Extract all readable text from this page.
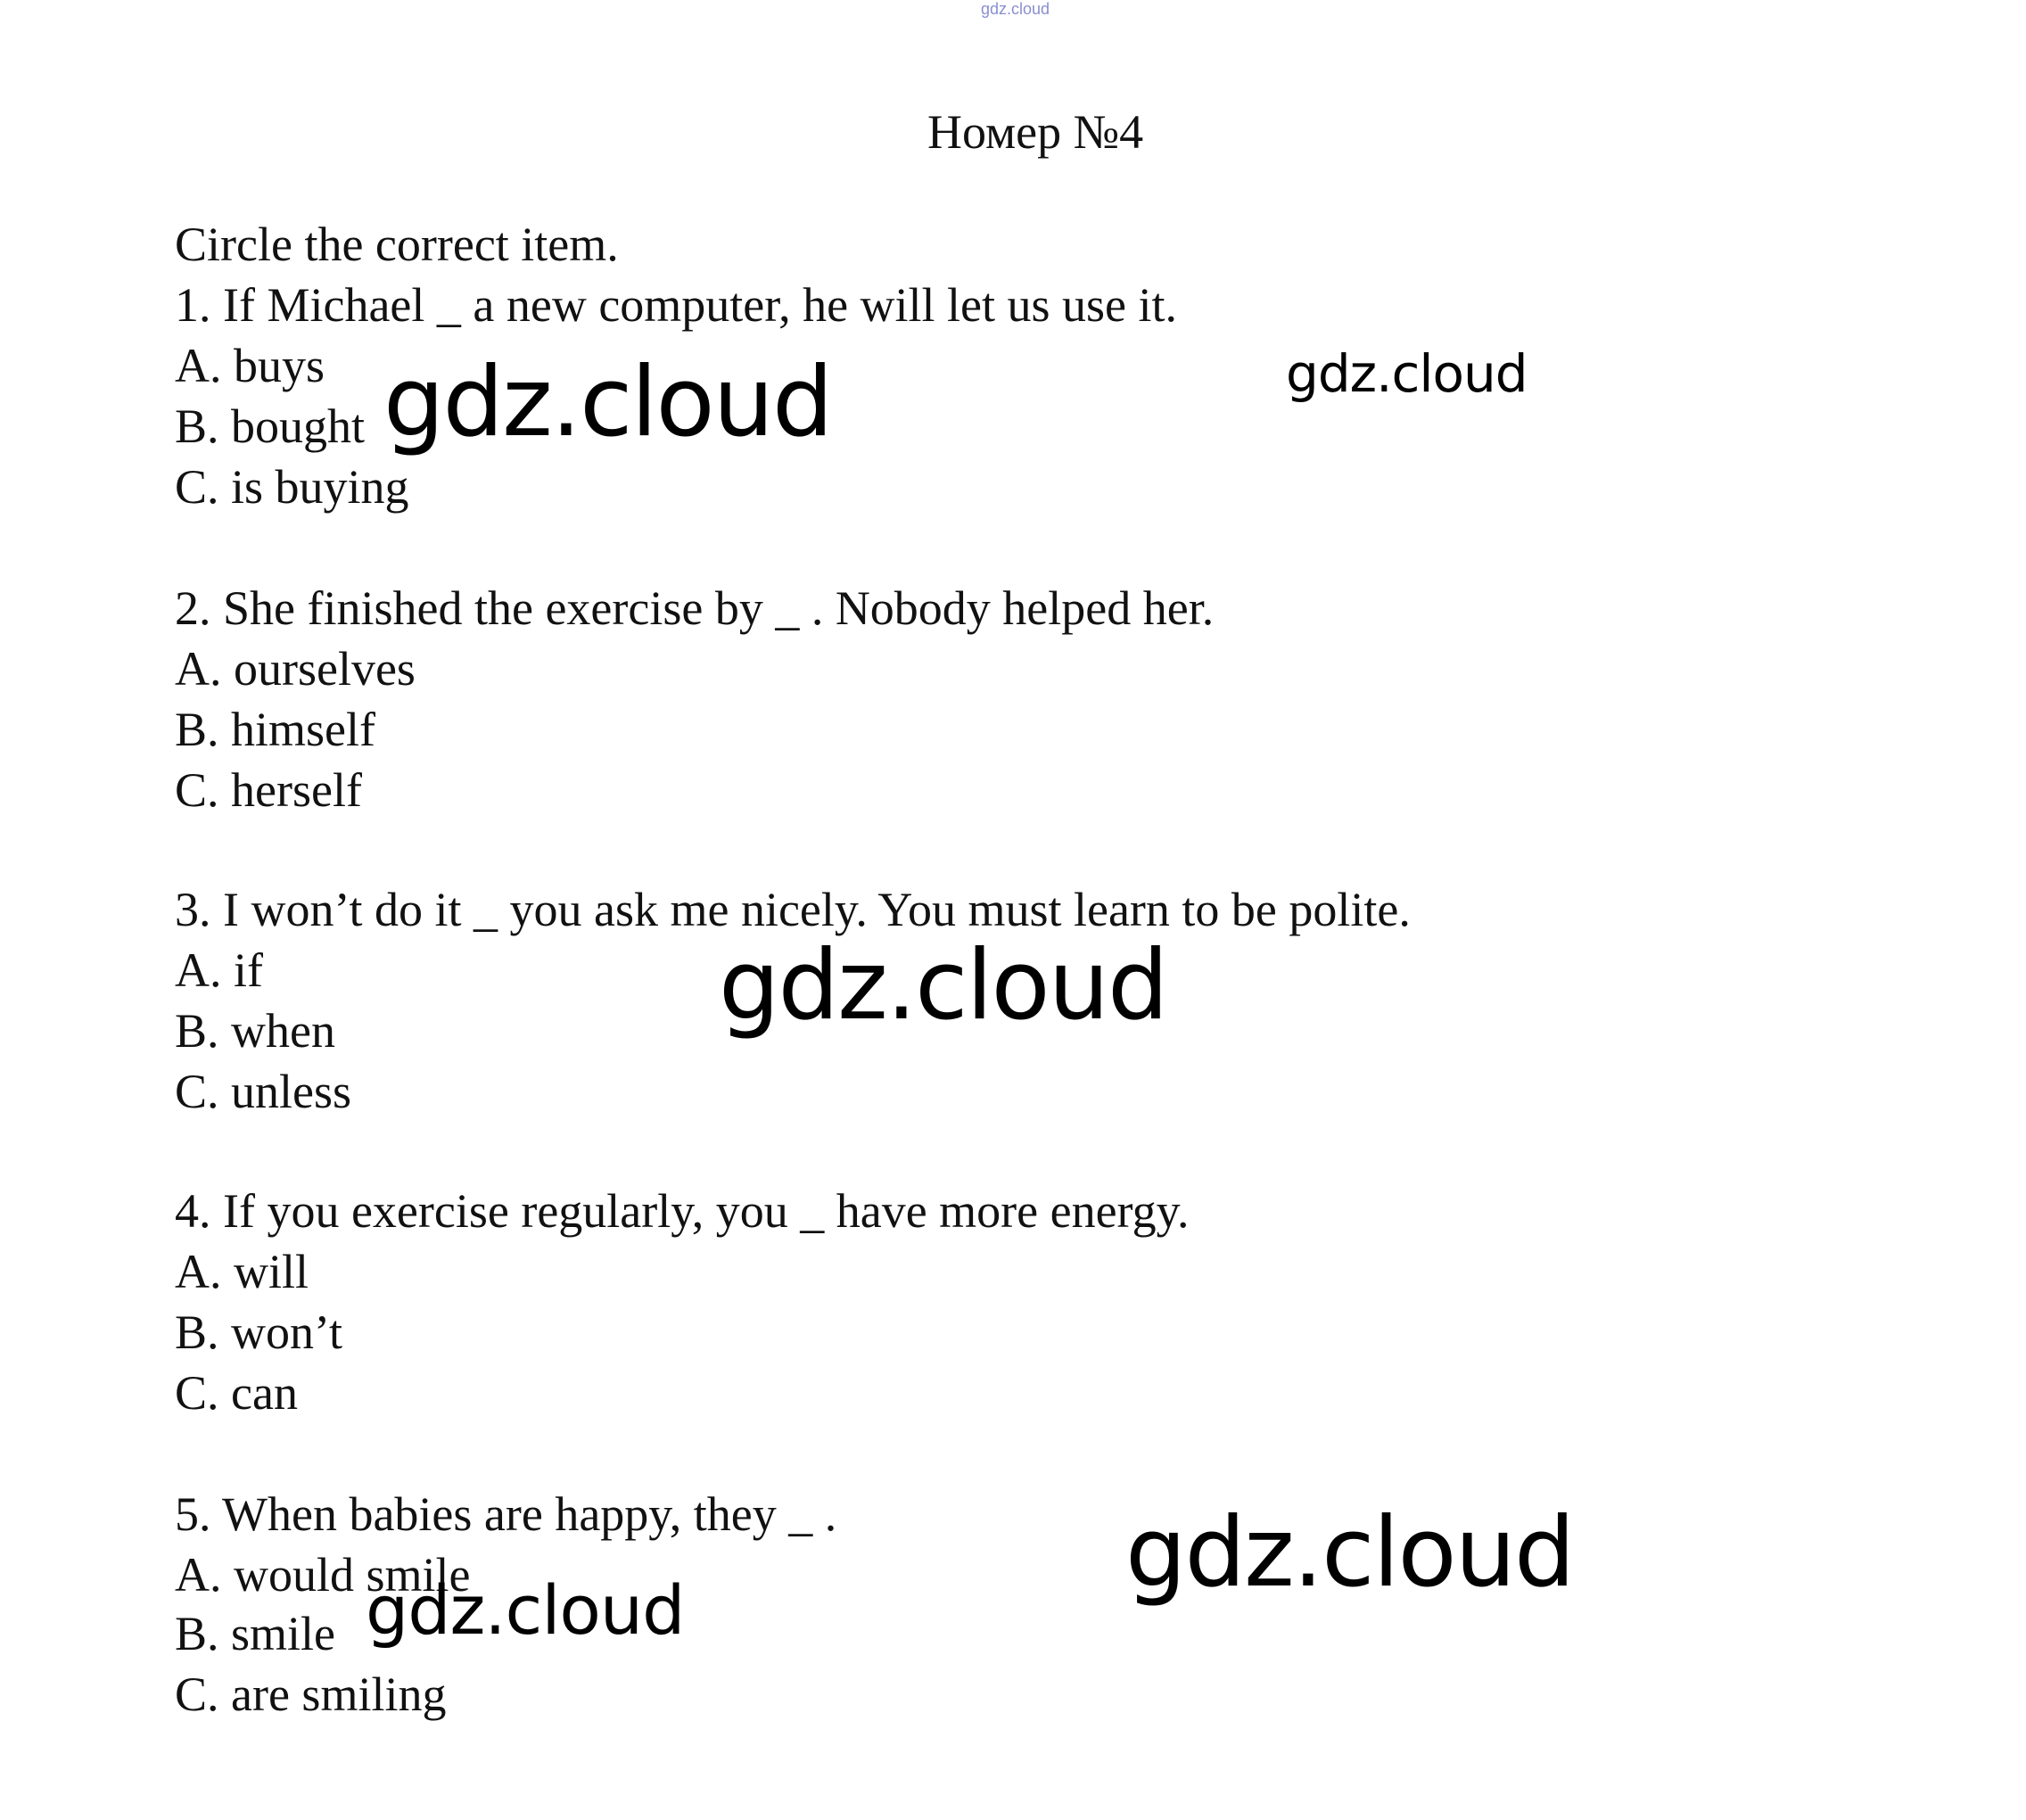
gdz.cloud
Номер №4
Circle the correct item.
1. If Michael _ a new computer, he will let us use it.
A. buys
B. bought
C. is buying
2. She finished the exercise by _ . Nobody helped her.
A. ourselves
B. himself
C. herself
3. I won’t do it _ you ask me nicely. You must learn to be polite.
A. if
B. when
C. unless
4. If you exercise regularly, you _ have more energy.
A. will
B. won’t
C. can
5. When babies are happy, they _ .
A. would smile
B. smile
C. are smiling
gdz.cloud	gdz.cloud
gdz.cloud
gdz.cloud
gdz.cloud
